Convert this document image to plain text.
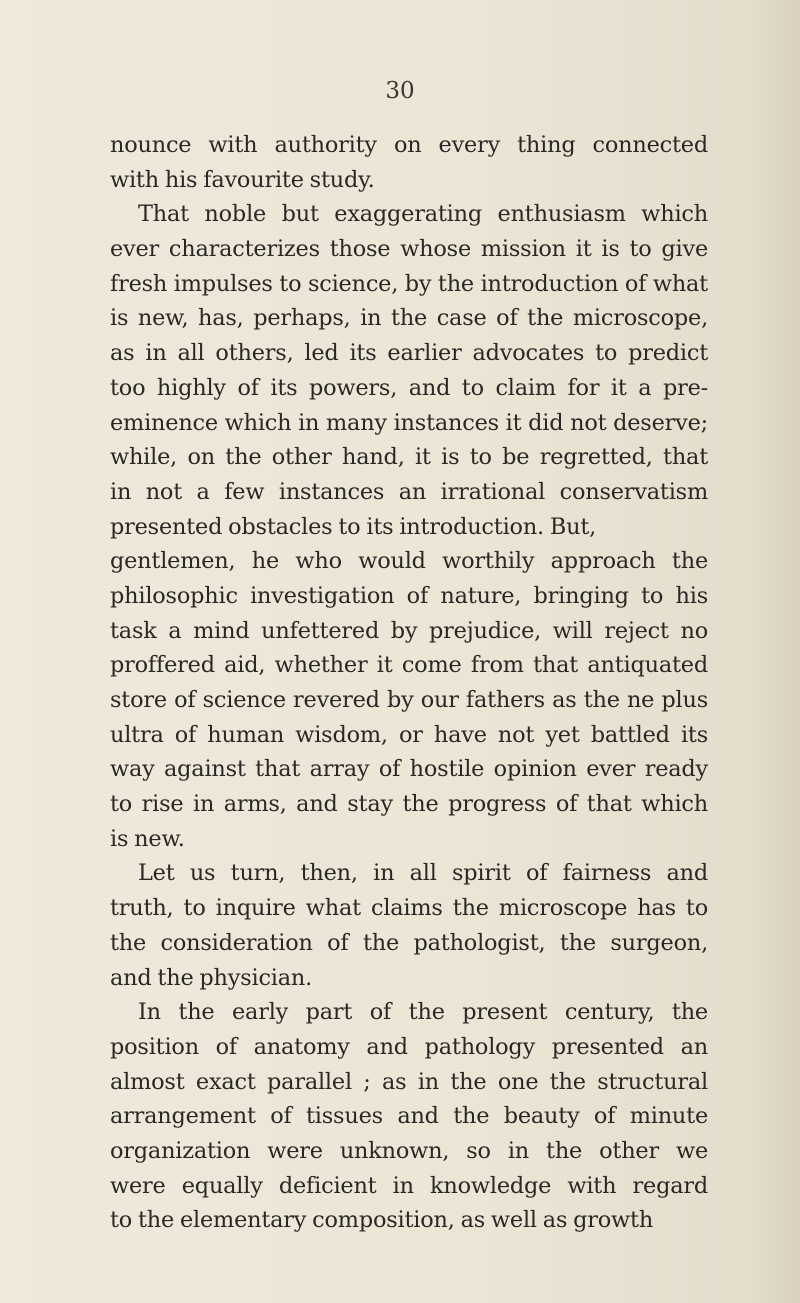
30

nounce with authority on every thing connected
with his favourite study.
That noble but exaggerating enthusiasm which
ever characterizes those whose mission it is to give
fresh impulses to science, by the introduction of what
is new, has, perhaps, in the case of the microscope,
as in all others, led its earlier advocates to predict
too highly of its powers, and to claim for it a pre-
eminence which in many instances it did not deserve;
while, on the other hand, it is to be regretted, that
in not a few instances an irrational conservatism
presented obstacles to its introduction. But,
gentlemen, he who would worthily approach the
philosophic investigation of nature, bringing to his
task a mind unfettered by prejudice, will reject no
proffered aid, whether it come from that antiquated
store of science revered by our fathers as the ne plus
ultra of human wisdom, or have not yet battled its
way against that array of hostile opinion ever ready
to rise in arms, and stay the progress of that which
is new.
Let us turn, then, in all spirit of fairness and
truth, to inquire what claims the microscope has to
the consideration of the pathologist, the surgeon,
and the physician.
In the early part of the present century, the
position of anatomy and pathology presented an
almost exact parallel ; as in the one the structural
arrangement of tissues and the beauty of minute
organization were unknown, so in the other we
were equally deficient in knowledge with regard
to the elementary composition, as well as growth
